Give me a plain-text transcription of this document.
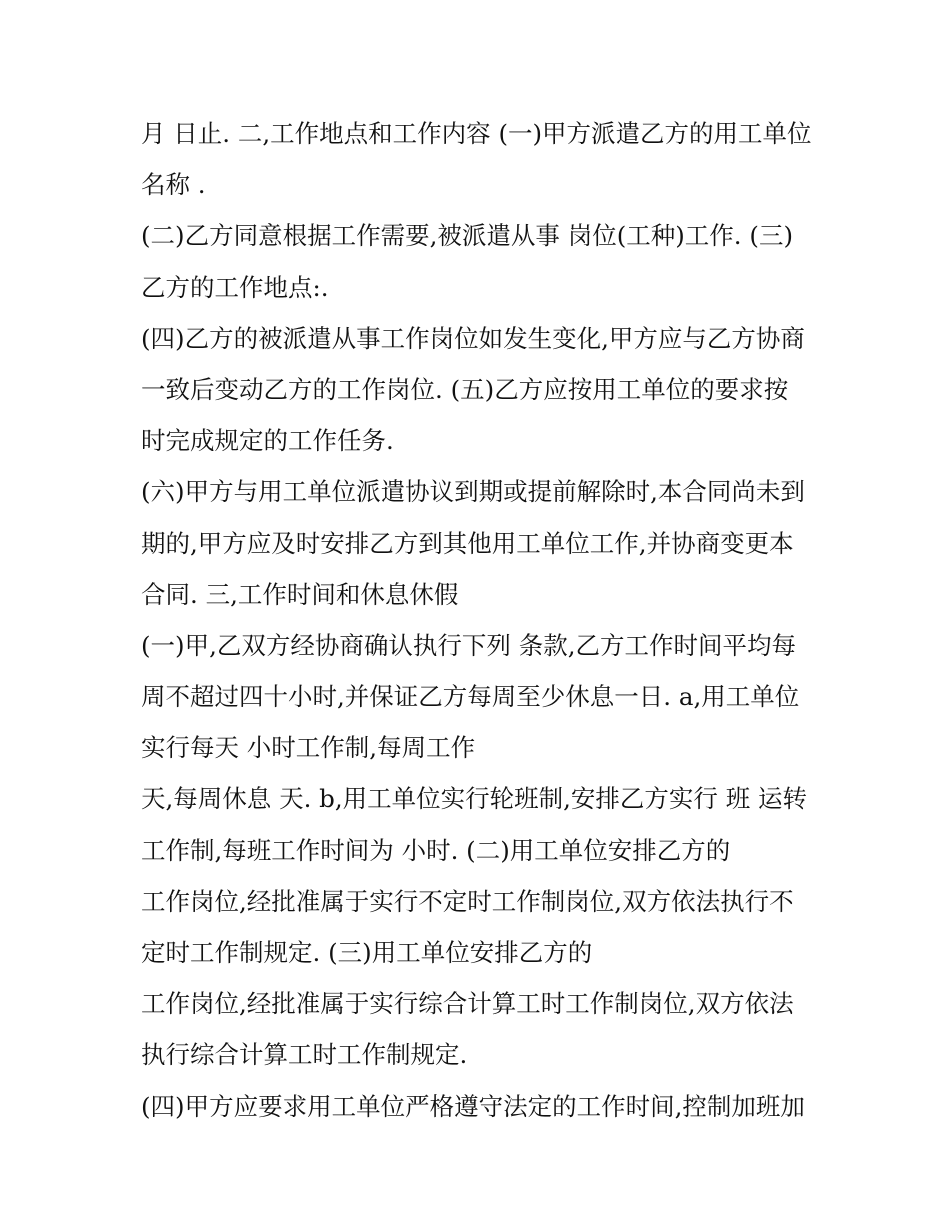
月 日止. 二,工作地点和工作内容 (一)甲方派遣乙方的用工单位
名称 .
(二)乙方同意根据工作需要,被派遣从事 岗位(工种)工作. (三)
乙方的工作地点:.
(四)乙方的被派遣从事工作岗位如发生变化,甲方应与乙方协商
一致后变动乙方的工作岗位. (五)乙方应按用工单位的要求按
时完成规定的工作任务.
(六)甲方与用工单位派遣协议到期或提前解除时,本合同尚未到
期的,甲方应及时安排乙方到其他用工单位工作,并协商变更本
合同. 三,工作时间和休息休假
(一)甲,乙双方经协商确认执行下列 条款,乙方工作时间平均每
周不超过四十小时,并保证乙方每周至少休息一日. a,用工单位
实行每天 小时工作制,每周工作
天,每周休息 天. b,用工单位实行轮班制,安排乙方实行 班 运转
工作制,每班工作时间为 小时. (二)用工单位安排乙方的
工作岗位,经批准属于实行不定时工作制岗位,双方依法执行不
定时工作制规定. (三)用工单位安排乙方的
工作岗位,经批准属于实行综合计算工时工作制岗位,双方依法
执行综合计算工时工作制规定.
(四)甲方应要求用工单位严格遵守法定的工作时间,控制加班加
